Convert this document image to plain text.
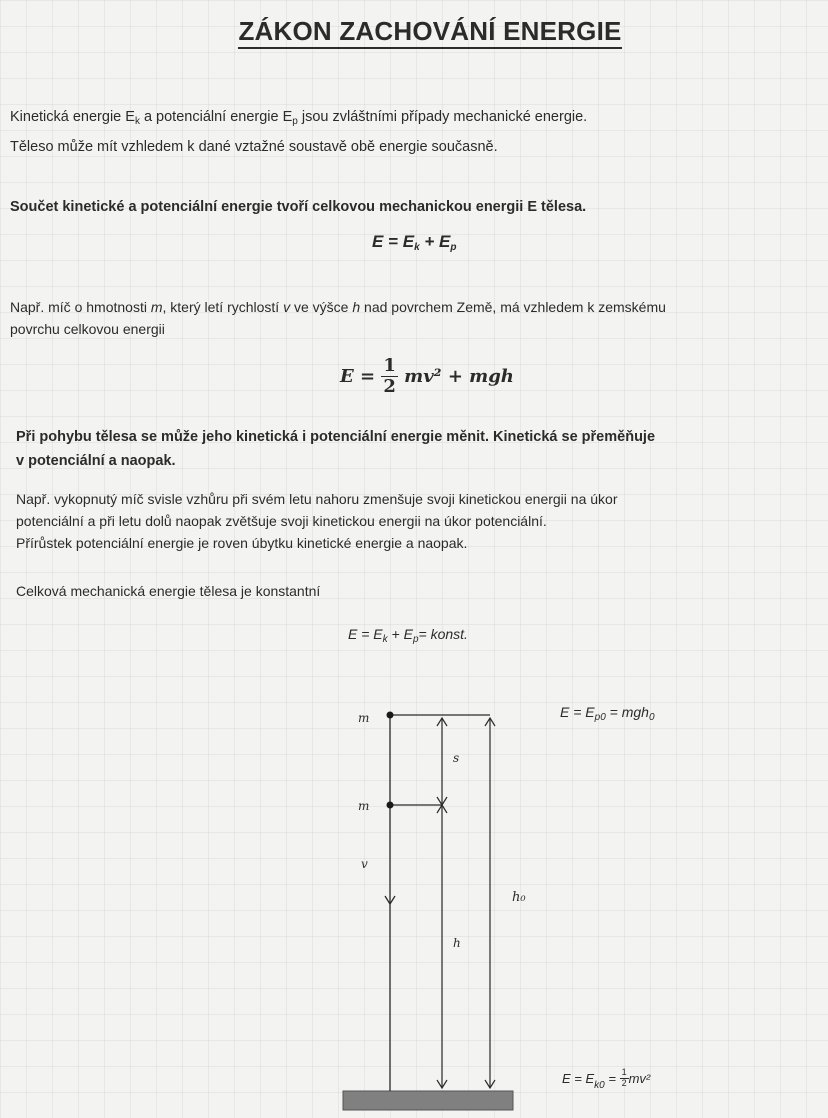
ZÁKON ZACHOVÁNÍ ENERGIE
Kinetická energie $E_k$ a potenciální energie $E_p$ jsou zvláštními případy mechanické energie.
Těleso může mít vzhledem k dané vztažné soustavě obě energie současně.
Součet kinetické a potenciální energie tvoří celkovou mechanickou energii E tělesa.
$E = E_k + E_p$
Např. míč o hmotnosti m, který letí rychlostí v ve výšce h nad povrchem Země, má vzhledem k zemskému
povrchu celkovou energii
$E = \frac{1}{2} mv^2$ + mgh
Při pohybu tělesa se může jeho kinetická i potenciální energie měnit. Kinetická se přeměňuje
v potenciální a naopak.
Např. vykopnutý míč svisle vzhůru při svém letu nahoru zmenšuje svoji kinetickou energii na úkor
potenciální a při letu dolů naopak zvětšuje svoji kinetickou energii na úkor potenciální.
Přírůstek potenciální energie je roven úbytku kinetické energie a naopak.
Celková mechanická energie tělesa je konstantní
$E = E_k + E_p=$ konst.
m
s
m
v
h₀
h
$E = E_{p0} = mgh_0$
$E = E_{k0} = \frac{1}{2} mv^2$
